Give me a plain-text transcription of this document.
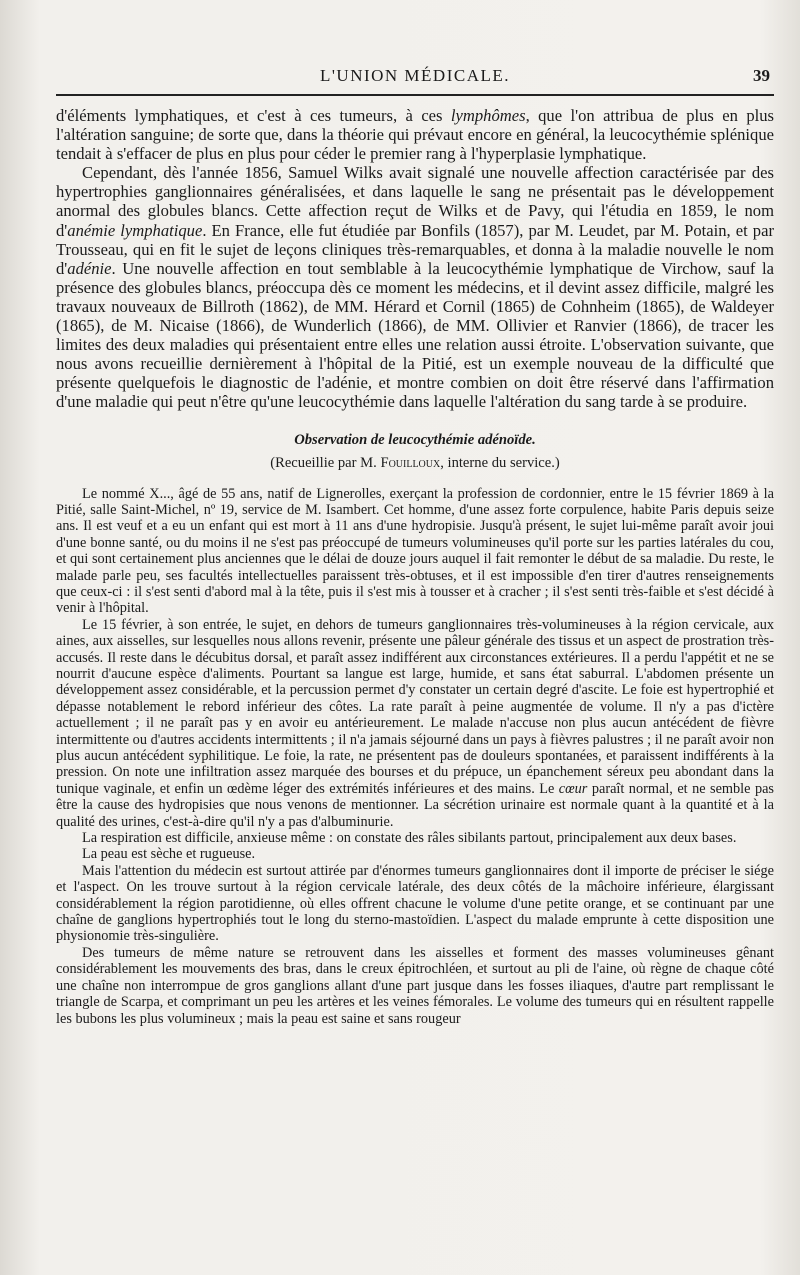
L'UNION MÉDICALE.	39

d'éléments lymphatiques, et c'est à ces tumeurs, à ces lymphômes, que l'on attribua de plus en plus l'altération sanguine; de sorte que, dans la théorie qui prévaut encore en général, la leucocythémie splénique tendait à s'effacer de plus en plus pour céder le premier rang à l'hyperplasie lymphatique.

Cependant, dès l'année 1856, Samuel Wilks avait signalé une nouvelle affection caractérisée par des hypertrophies ganglionnaires généralisées, et dans laquelle le sang ne présentait pas le développement anormal des globules blancs. Cette affection reçut de Wilks et de Pavy, qui l'étudia en 1859, le nom d'anémie lymphatique. En France, elle fut étudiée par Bonfils (1857), par M. Leudet, par M. Potain, et par Trousseau, qui en fit le sujet de leçons cliniques très-remarquables, et donna à la maladie nouvelle le nom d'adénie. Une nouvelle affection en tout semblable à la leucocythémie lymphatique de Virchow, sauf la présence des globules blancs, préoccupa dès ce moment les médecins, et il devint assez difficile, malgré les travaux nouveaux de Billroth (1862), de MM. Hérard et Cornil (1865) de Cohnheim (1865), de Waldeyer (1865), de M. Nicaise (1866), de Wunderlich (1866), de MM. Ollivier et Ranvier (1866), de tracer les limites des deux maladies qui présentaient entre elles une relation aussi étroite. L'observation suivante, que nous avons recueillie dernièrement à l'hôpital de la Pitié, est un exemple nouveau de la difficulté que présente quelquefois le diagnostic de l'adénie, et montre combien on doit être réservé dans l'affirmation d'une maladie qui peut n'être qu'une leucocythémie dans laquelle l'altération du sang tarde à se produire.

Observation de leucocythémie adénoïde.
(Recueillie par M. Fouilloux, interne du service.)

Le nommé X..., âgé de 55 ans, natif de Lignerolles, exerçant la profession de cordonnier, entre le 15 février 1869 à la Pitié, salle Saint-Michel, nº 19, service de M. Isambert. Cet homme, d'une assez forte corpulence, habite Paris depuis seize ans. Il est veuf et a eu un enfant qui est mort à 11 ans d'une hydropisie. Jusqu'à présent, le sujet lui-même paraît avoir joui d'une bonne santé, ou du moins il ne s'est pas préoccupé de tumeurs volumineuses qu'il porte sur les parties latérales du cou, et qui sont certainement plus anciennes que le délai de douze jours auquel il fait remonter le début de sa maladie. Du reste, le malade parle peu, ses facultés intellectuelles paraissent très-obtuses, et il est impossible d'en tirer d'autres renseignements que ceux-ci : il s'est senti d'abord mal à la tête, puis il s'est mis à tousser et à cracher ; il s'est senti très-faible et s'est décidé à venir à l'hôpital.

Le 15 février, à son entrée, le sujet, en dehors de tumeurs ganglionnaires très-volumineuses à la région cervicale, aux aines, aux aisselles, sur lesquelles nous allons revenir, présente une pâleur générale des tissus et un aspect de prostration très-accusés. Il reste dans le décubitus dorsal, et paraît assez indifférent aux circonstances extérieures. Il a perdu l'appétit et ne se nourrit d'aucune espèce d'aliments. Pourtant sa langue est large, humide, et sans état saburral. L'abdomen présente un développement assez considérable, et la percussion permet d'y constater un certain degré d'ascite. Le foie est hypertrophié et dépasse notablement le rebord inférieur des côtes. La rate paraît à peine augmentée de volume. Il n'y a pas d'ictère actuellement ; il ne paraît pas y en avoir eu antérieurement. Le malade n'accuse non plus aucun antécédent de fièvre intermittente ou d'autres accidents intermittents ; il n'a jamais séjourné dans un pays à fièvres palustres ; il ne paraît avoir non plus aucun antécédent syphilitique. Le foie, la rate, ne présentent pas de douleurs spontanées, et paraissent indifférents à la pression. On note une infiltration assez marquée des bourses et du prépuce, un épanchement séreux peu abondant dans la tunique vaginale, et enfin un œdème léger des extrémités inférieures et des mains. Le cœur paraît normal, et ne semble pas être la cause des hydropisies que nous venons de mentionner. La sécrétion urinaire est normale quant à la quantité et à la qualité des urines, c'est-à-dire qu'il n'y a pas d'albuminurie.

La respiration est difficile, anxieuse même : on constate des râles sibilants partout, principalement aux deux bases.

La peau est sèche et rugueuse.

Mais l'attention du médecin est surtout attirée par d'énormes tumeurs ganglionnaires dont il importe de préciser le siége et l'aspect. On les trouve surtout à la région cervicale latérale, des deux côtés de la mâchoire inférieure, élargissant considérablement la région parotidienne, où elles offrent chacune le volume d'une petite orange, et se continuant par une chaîne de ganglions hypertrophiés tout le long du sterno-mastoïdien. L'aspect du malade emprunte à cette disposition une physionomie très-singulière.

Des tumeurs de même nature se retrouvent dans les aisselles et forment des masses volumineuses gênant considérablement les mouvements des bras, dans le creux épitrochléen, et surtout au pli de l'aine, où règne de chaque côté une chaîne non interrompue de gros ganglions allant d'une part jusque dans les fosses iliaques, d'autre part remplissant le triangle de Scarpa, et comprimant un peu les artères et les veines fémorales. Le volume des tumeurs qui en résultent rappelle les bubons les plus volumineux ; mais la peau est saine et sans rougeur
